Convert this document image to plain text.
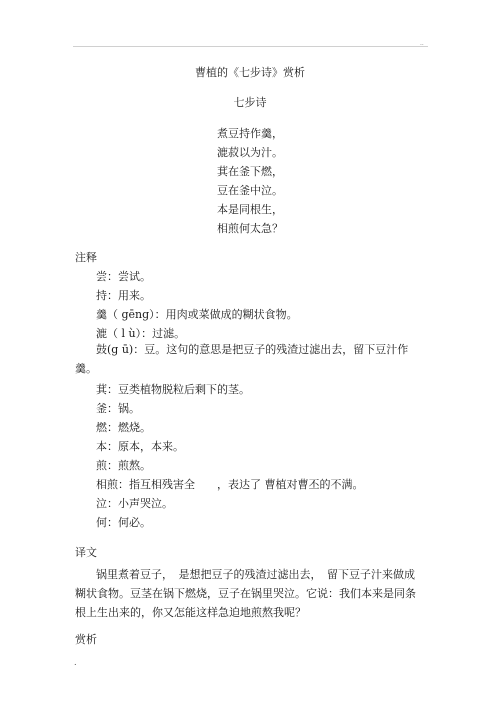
..
曹植的《七步诗》赏析
七步诗
煮豆持作羹，
漉菽以为汁。
萁在釜下燃，
豆在釜中泣。
本是同根生，
相煎何太急？
注释
尝：尝试。
持：用来。
羹（ gēng）：用肉或菜做成的糊状食物。
漉（ l ù）：过滤。
鼓(g ū)：豆。这句的意思是把豆子的残渣过滤出去，留下豆汁作羹。
萁：豆类植物脱粒后剩下的茎。
釜：锅。
燃：燃烧。
本：原本，本来。
煎：煎熬。
相煎：指互相残害全　　，表达了 曹植对曹丕的不满。
泣：小声哭泣。
何：何必。
译文
锅里煮着豆子，　是想把豆子的残渣过滤出去，　留下豆子汁来做成糊状食物。豆茎在锅下燃烧，豆子在锅里哭泣。它说：我们本来是同条根上生出来的，你又怎能这样急迫地煎熬我呢？
赏析
.
